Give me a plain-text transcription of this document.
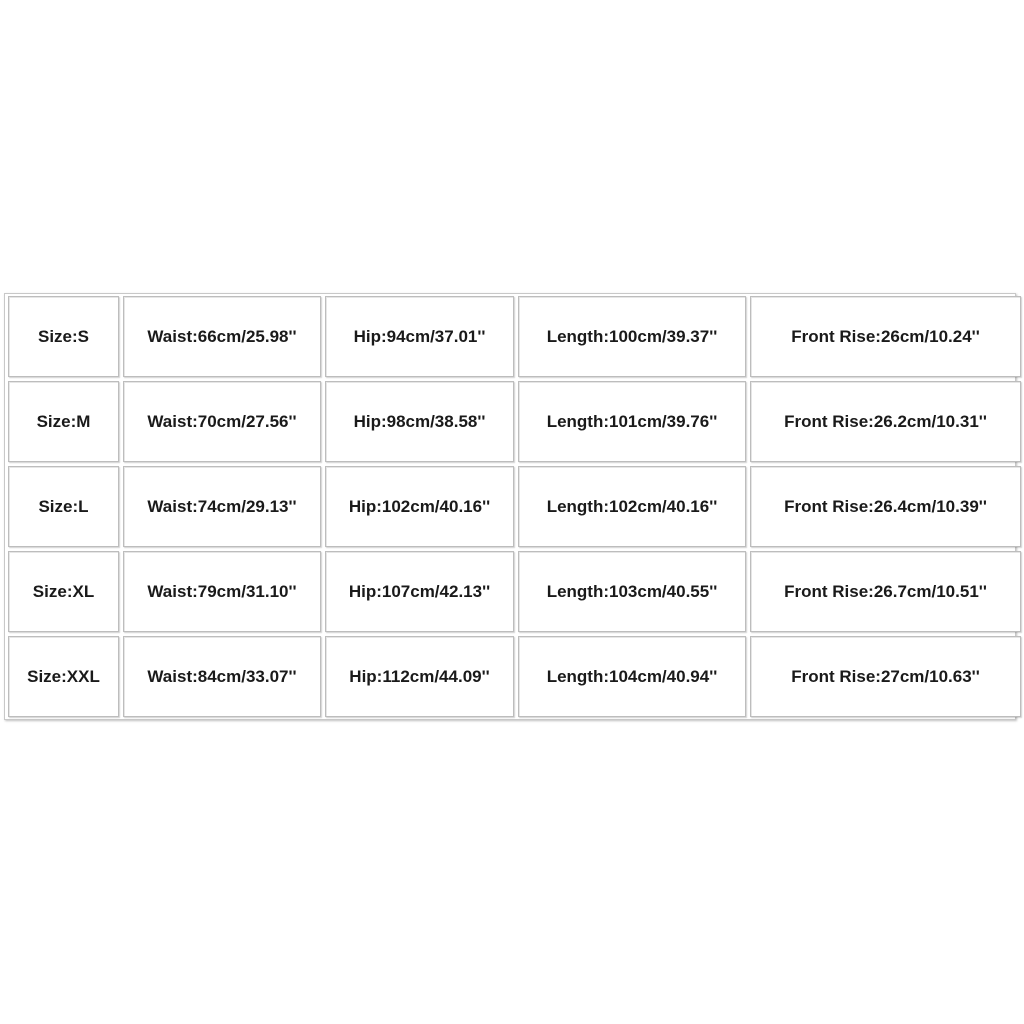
Size:S	Waist:66cm/25.98''	Hip:94cm/37.01''	Length:100cm/39.37''	Front Rise:26cm/10.24''
Size:M	Waist:70cm/27.56''	Hip:98cm/38.58''	Length:101cm/39.76''	Front Rise:26.2cm/10.31''
Size:L	Waist:74cm/29.13''	Hip:102cm/40.16''	Length:102cm/40.16''	Front Rise:26.4cm/10.39''
Size:XL	Waist:79cm/31.10''	Hip:107cm/42.13''	Length:103cm/40.55''	Front Rise:26.7cm/10.51''
Size:XXL	Waist:84cm/33.07''	Hip:112cm/44.09''	Length:104cm/40.94''	Front Rise:27cm/10.63''
